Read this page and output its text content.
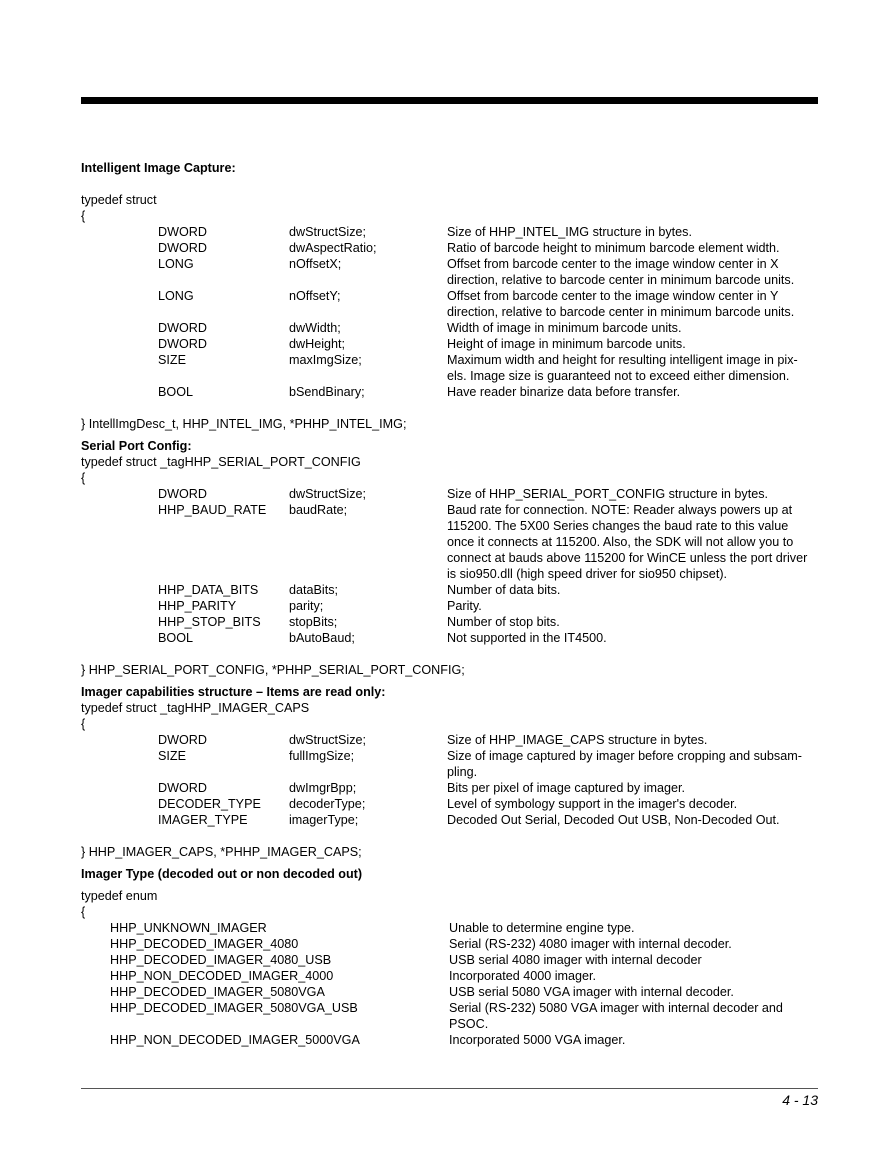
Intelligent Image Capture:
typedef struct
{
DWORD	dwStructSize;	Size of HHP_INTEL_IMG structure in bytes.
DWORD	dwAspectRatio;	Ratio of barcode height to minimum barcode element width.
LONG	nOffsetX;	Offset from barcode center to the image window center in X direction, relative to barcode center in minimum barcode units.
LONG	nOffsetY;	Offset from barcode center to the image window center in Y direction, relative to barcode center in minimum barcode units.
DWORD	dwWidth;	Width of image in minimum barcode units.
DWORD	dwHeight;	Height of image in minimum barcode units.
SIZE	maxImgSize;	Maximum width and height for resulting intelligent image in pix-els. Image size is guaranteed not to exceed either dimension.
BOOL	bSendBinary;	Have reader binarize data before transfer.
} IntellImgDesc_t, HHP_INTEL_IMG, *PHHP_INTEL_IMG;
Serial Port Config:
typedef struct _tagHHP_SERIAL_PORT_CONFIG
{
DWORD	dwStructSize;	Size of HHP_SERIAL_PORT_CONFIG structure in bytes.
HHP_BAUD_RATE	baudRate;	Baud rate for connection. NOTE: Reader always powers up at 115200. The 5X00 Series changes the baud rate to this value once it connects at 115200. Also, the SDK will not allow you to connect at bauds above 115200 for WinCE unless the port driver is sio950.dll (high speed driver for sio950 chipset).
HHP_DATA_BITS	dataBits;	Number of data bits.
HHP_PARITY	parity;	Parity.
HHP_STOP_BITS	stopBits;	Number of stop bits.
BOOL	bAutoBaud;	Not supported in the IT4500.
} HHP_SERIAL_PORT_CONFIG, *PHHP_SERIAL_PORT_CONFIG;
Imager capabilities structure – Items are read only:
typedef struct _tagHHP_IMAGER_CAPS
{
DWORD	dwStructSize;	Size of HHP_IMAGE_CAPS structure in bytes.
SIZE	fullImgSize;	Size of image captured by imager before cropping and subsam-pling.
DWORD	dwImgrBpp;	Bits per pixel of image captured by imager.
DECODER_TYPE	decoderType;	Level of symbology support in the imager's decoder.
IMAGER_TYPE	imagerType;	Decoded Out Serial, Decoded Out USB, Non-Decoded Out.
} HHP_IMAGER_CAPS, *PHHP_IMAGER_CAPS;
Imager Type (decoded out or non decoded out)
typedef enum
{
HHP_UNKNOWN_IMAGER	Unable to determine engine type.
HHP_DECODED_IMAGER_4080	Serial (RS-232) 4080 imager with internal decoder.
HHP_DECODED_IMAGER_4080_USB	USB serial 4080 imager with internal decoder
HHP_NON_DECODED_IMAGER_4000	Incorporated 4000 imager.
HHP_DECODED_IMAGER_5080VGA	USB serial 5080 VGA imager with internal decoder.
HHP_DECODED_IMAGER_5080VGA_USB	Serial (RS-232) 5080 VGA imager with internal decoder and PSOC.
HHP_NON_DECODED_IMAGER_5000VGA	Incorporated 5000 VGA imager.
4 - 13
